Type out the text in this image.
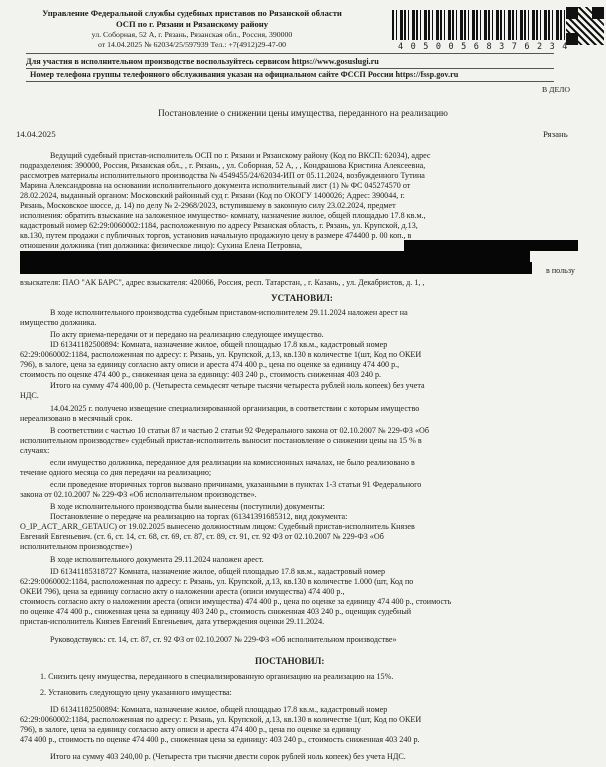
Управление Федеральной службы судебных приставов по Рязанской области
ОСП по г. Рязани и Рязанскому району
ул. Соборная, 52 А, г. Рязань, Рязанская обл., Россия, 390000
от 14.04.2025 № 62034/25/597939 Тел.: +7(4912)29-47-00	4 0 5 0 0 5 6 8 3 7 6 2 3 4
Для участия в исполнительном производстве воспользуйтесь сервисом https://www.gosuslugi.ru
Номер телефона группы телефонного обслуживания указан на официальном сайте ФССП России https://fssp.gov.ru
В ДЕЛО
Постановление о снижении цены имущества, переданного на реализацию
14.04.2025	Рязань
Ведущий судебный пристав-исполнитель ОСП по г. Рязани и Рязанскому району (Код по ВКСП: 62034), адрес
подразделения: 390000, Россия, Рязанская обл., , г. Рязань, , ул. Соборная, 52 А, , , Кондрашова Кристина Алексеевна,
рассмотрев материалы исполнительного производства № 4549455/24/62034-ИП от 05.11.2024, возбужденного Тутина
Марина Александровна на основании исполнительного документа исполнительный лист (1) № ФС 045274570 от
28.02.2024, выданный органом: Московский районный суд г. Рязани (Код по ОКОГУ 1400026; Адрес: 390044, г.
Рязань, Московское шоссе, д. 14) по делу № 2-2968/2023, вступившему в законную силу 23.02.2024, предмет
исполнения: обратить взыскание на заложенное имущество- комнату, назначение жилое, общей площадью 17.8 кв.м.,
кадастровый номер 62:29:0060002:1184, расположенную по адресу Рязанская область, г. Рязань, ул. Крупской, д.13,
кв.130, путем продажи с публичных торгов, установив начальную продажную цену в размере 474400 р. 00 коп., в
отношении должника (тип должника: физическое лицо): Сухина Елена Петровна,
в пользу
взыскателя: ПАО "АК БАРС", адрес взыскателя: 420066, Россия, респ. Татарстан, , г. Казань, , ул. Декабристов, д. 1, ,
УСТАНОВИЛ:
В ходе исполнительного производства судебным приставом-исполнителем 29.11.2024 наложен арест на
имущество должника.
По акту приема-передачи от и передано на реализацию следующее имущество.
ID 61341182500894: Комната, назначение жилое, общей площадью 17.8 кв.м., кадастровый номер
62:29:0060002:1184, расположенная по адресу: г. Рязань, ул. Крупской, д.13, кв.130 в количестве 1(шт, Код по ОКЕИ
796), в залоге, цена за единицу согласно акту описи и ареста 474 400 р., цена по оценке за единицу 474 400 р.,
стоимость по оценке 474 400 р., сниженная цена за единицу: 403 240 р., стоимость сниженная 403 240 р.
Итого на сумму 474 400,00 р. (Четыреста семьдесят четыре тысячи четыреста рублей ноль копеек) без учета
НДС.
14.04.2025 г. получено извещение специализированной организации, в соответствии с которым имущество
нереализовано в месячный срок.
В соответствии с частью 10 статьи 87 и частью 2 статьи 92 Федерального закона от 02.10.2007 № 229-ФЗ «Об
исполнительном производстве» судебный пристав-исполнитель выносит постановление о снижении цены на 15 % в
случаях:
если имущество должника, переданное для реализации на комиссионных началах, не было реализовано в
течение одного месяца со дня передачи на реализацию;
если проведение вторичных торгов вызвано причинами, указанными в пунктах 1-3 статьи 91 Федерального
закона от 02.10.2007 № 229-ФЗ «Об исполнительном производстве».
В ходе исполнительного производства были вынесены (поступили) документы:
Постановление о передаче на реализацию на торгах (61341391685312, вид документа:
O_IP_ACT_ARR_GETAUC) от 19.02.2025 вынесено должностным лицом: Судебный пристав-исполнитель Князев
Евгений Евгеньевич. (ст. 6, ст. 14, ст. 68, ст. 69, ст. 87, ст. 89, ст. 91, ст. 92 ФЗ от 02.10.2007 № 229-ФЗ «Об
исполнительном производстве»)
В ходе исполнительного документа 29.11.2024 наложен арест.
ID 61341185318727 Комната, назначение жилое, общей площадью 17.8 кв.м., кадастровый номер
62:29:0060002:1184, расположенная по адресу: г. Рязань, ул. Крупской, д.13, кв.130 в количестве 1.000 (шт, Код по
ОКЕИ 796), цена за единицу согласно акту о наложении ареста (описи имущества) 474 400 р.,
стоимость согласно акту о наложении ареста (описи имущества) 474 400 р., цена по оценке за единицу 474 400 р., стоимость
по оценке 474 400 р., сниженная цена за единицу 403 240 р., стоимость сниженная 403 240 р., оценщик судебный
пристав-исполнитель Князев Евгений Евгеньевич, дата утверждения оценки 29.11.2024.
Руководствуясь: ст. 14, ст. 87, ст. 92 ФЗ от 02.10.2007 № 229-ФЗ «Об исполнительном производстве»
ПОСТАНОВИЛ:
1. Снизить цену имущества, переданного в специализированную организацию на реализацию на 15%.
2. Установить следующую цену указанного имущества:
ID 61341182500894: Комната, назначение жилое, общей площадью 17.8 кв.м., кадастровый номер
62:29:0060002:1184, расположенная по адресу: г. Рязань, ул. Крупской, д.13, кв.130 в количестве 1(шт, Код по ОКЕИ
796), в залоге, цена за единицу согласно акту описи и ареста 474 400 р., цена по оценке за единицу
474 400 р., стоимость по оценке 474 400 р., сниженная цена за единицу: 403 240 р., стоимость сниженная 403 240 р.
Итого на сумму 403 240,00 р. (Четыреста три тысячи двести сорок рублей ноль копеек) без учета НДС.
